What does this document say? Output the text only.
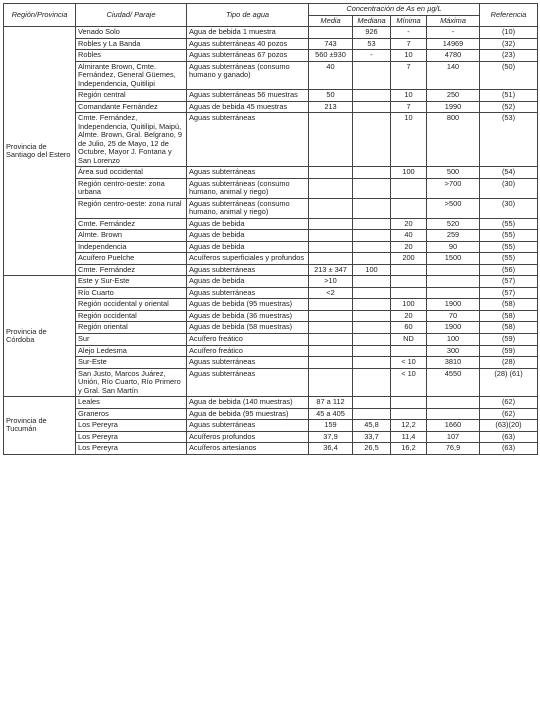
Región/Provincia	Ciudad/ Paraje	Tipo de agua	Concentración de As en µg/L				Referencia
			Media	Mediana	Mínima	Máxima	
Provincia de Santiago del Estero	Venado Solo	Agua de bebida 1 muestra		926	-	-	(10)
	Robles y La Banda	Aguas subterráneas 40 pozos	743	53	7	14969	(32)
	Robles	Aguas subterráneas 67 pozos	560 ±930	-	10	4780	(23)
	Almirante Brown, Cmte. Fernández, General Güemes, Independencia, Quitilipi	Aguas subterráneas (consumo humano y ganado)	40		7	140	(50)
	Región central	Aguas subterráneas 56 muestras	50		10	250	(51)
	Comandante Fernández	Aguas de bebida 45 muestras	213		7	1990	(52)
	Cmte. Fernández, Independencia, Quitilipi, Maipú, Almte. Brown, Gral. Belgrano, 9 de Julio, 25 de Mayo, 12 de Octubre, Mayor J. Fontana y San Lorenzo	Aguas subterráneas			10	800	(53)
	Área sud occidental	Aguas subterráneas			100	500	(54)
	Región centro-oeste: zona urbana	Aguas subterráneas (consumo humano, animal y riego)				>700	(30)
	Región centro-oeste: zona rural	Aguas subterráneas (consumo humano, animal y riego)				>500	(30)
	Cmte. Fernández	Aguas de bebida			20	520	(55)
	Almte. Brown	Aguas de bebida			40	259	(55)
	Independencia	Aguas de bebida			20	90	(55)
	Acuífero Puelche	Acuíferos superficiales y profundos			200	1500	(55)
	Cmte. Fernández	Aguas subterráneas	213 ± 347	100			(56)
Provincia de Córdoba	Este y Sur-Este	Aguas de bebida	>10				(57)
	Río Cuarto	Aguas subterráneas	<2				(57)
	Región occidental y oriental	Aguas de bebida (95 muestras)			100	1900	(58)
	Región occidental	Aguas de bebida (36 muestras)			20	70	(58)
	Región oriental	Aguas de bebida (58 muestras)			60	1900	(58)
	Sur	Acuífero freático			ND	100	(59)
	Alejo Ledesma	Acuífero freático				300	(59)
	Sur-Este	Aguas subterráneas			< 10	3810	(28)
	San Justo, Marcos Juárez, Unión, Río Cuarto, Río Primero y Gral. San Martín	Aguas subterráneas			< 10	4550	(28) (61)
Provincia de Tucumán	Leales	Agua de bebida (140 muestras)	87 a 112				(62)
	Graneros	Agua de bebida (95 muestras)	45 a 405				(62)
	Los Pereyra	Aguas subterráneas	159	45,8	12,2	1660	(63)(20)
	Los Pereyra	Acuíferos profundos	37,9	33,7	11,4	107	(63)
	Los Pereyra	Acuíferos artesianos	36,4	26,5	16,2	76,9	(63)
